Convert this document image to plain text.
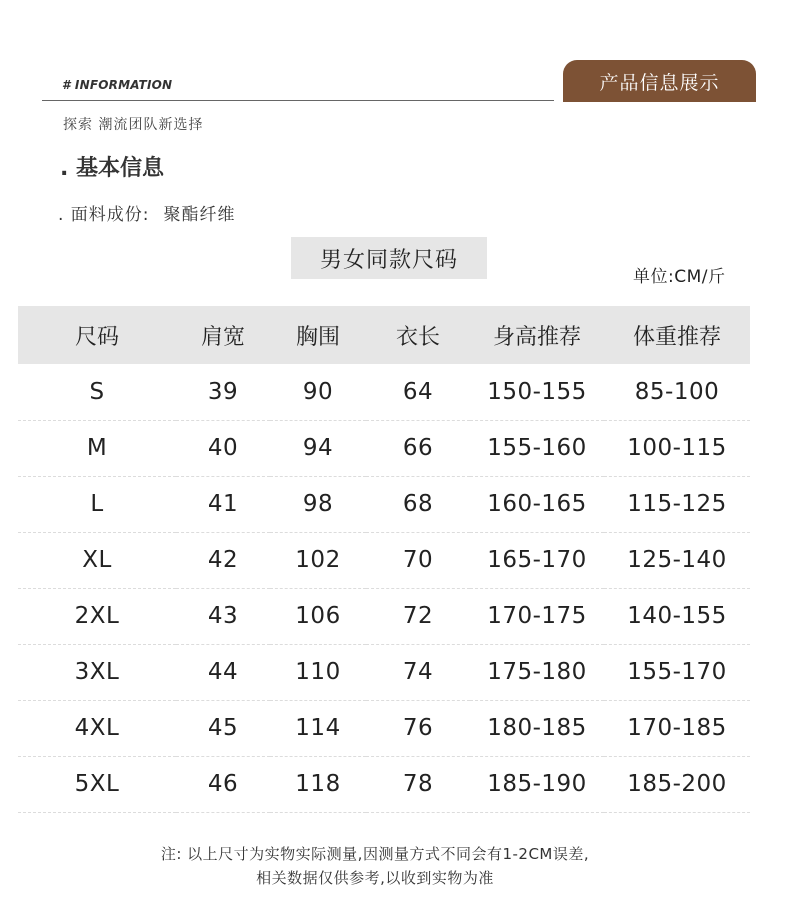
# INFORMATION	产品信息展示
探索 潮流团队新选择
. 基本信息
. 面料成份: 聚酯纤维
男女同款尺码
单位:CM/斤
尺码	肩宽	胸围	衣长	身高推荐	体重推荐
S	39	90	64	150-155	85-100
M	40	94	66	155-160	100-115
L	41	98	68	160-165	115-125
XL	42	102	70	165-170	125-140
2XL	43	106	72	170-175	140-155
3XL	44	110	74	175-180	155-170
4XL	45	114	76	180-185	170-185
5XL	46	118	78	185-190	185-200
注: 以上尺寸为实物实际测量,因测量方式不同会有1-2CM误差,
相关数据仅供参考,以收到实物为准
